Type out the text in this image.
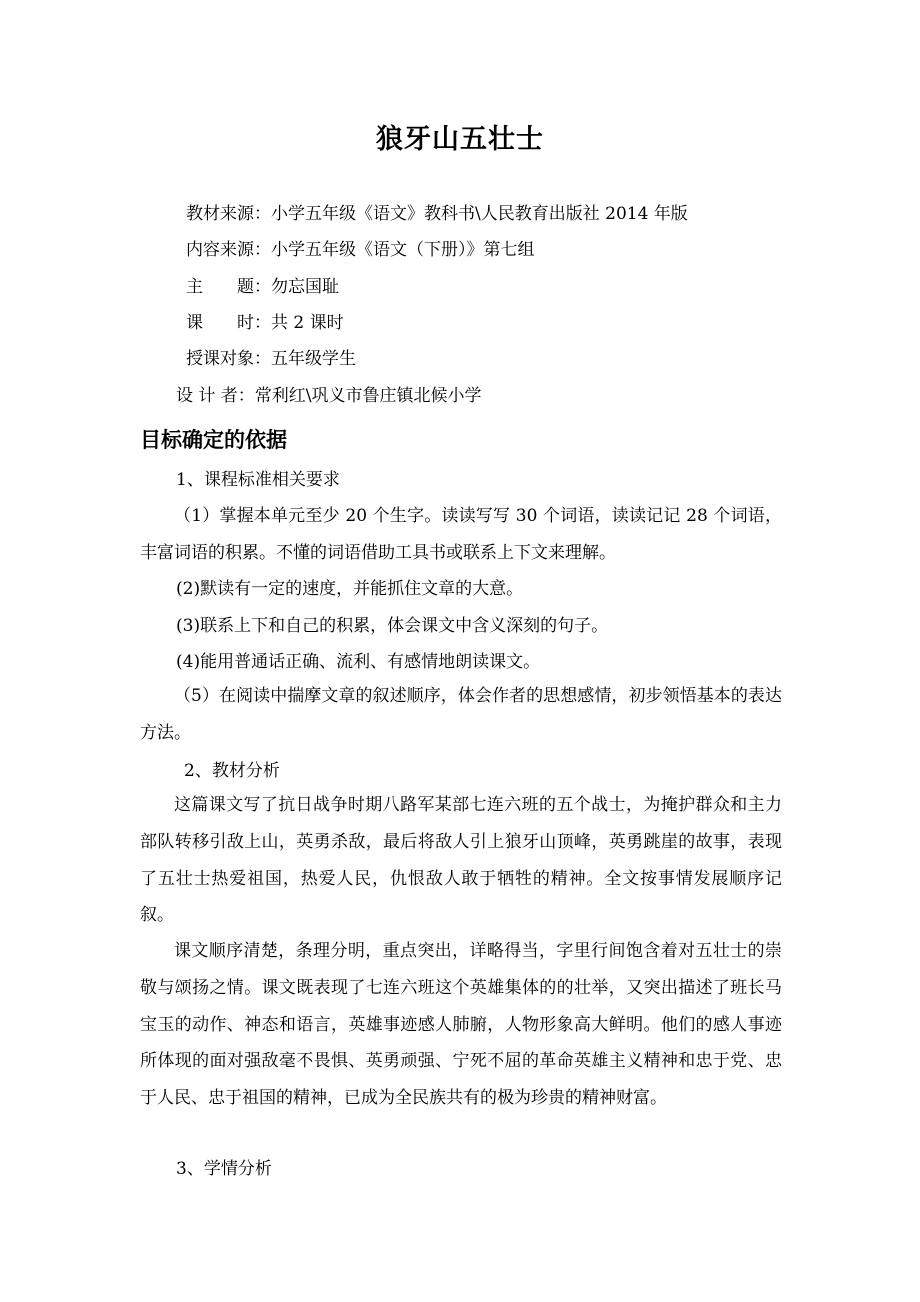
狼牙山五壮士
教材来源：小学五年级《语文》教科书\人民教育出版社 2014 年版
内容来源：小学五年级《语文（下册）》第七组
主　　题：勿忘国耻
课　　时：共 2 课时
授课对象：五年级学生
设 计 者：常利红\巩义市鲁庄镇北候小学
目标确定的依据
1、课程标准相关要求
（1）掌握本单元至少 20 个生字。读读写写 30 个词语，读读记记 28 个词语，丰富词语的积累。不懂的词语借助工具书或联系上下文来理解。
(2)默读有一定的速度，并能抓住文章的大意。
(3)联系上下和自己的积累，体会课文中含义深刻的句子。
(4)能用普通话正确、流利、有感情地朗读课文。
（5）在阅读中揣摩文章的叙述顺序，体会作者的思想感情，初步领悟基本的表达方法。
2、教材分析
这篇课文写了抗日战争时期八路军某部七连六班的五个战士，为掩护群众和主力部队转移引敌上山，英勇杀敌，最后将敌人引上狼牙山顶峰，英勇跳崖的故事，表现了五壮士热爱祖国，热爱人民，仇恨敌人敢于牺牲的精神。全文按事情发展顺序记叙。
课文顺序清楚，条理分明，重点突出，详略得当，字里行间饱含着对五壮士的崇敬与颂扬之情。课文既表现了七连六班这个英雄集体的的壮举，又突出描述了班长马宝玉的动作、神态和语言，英雄事迹感人肺腑，人物形象高大鲜明。他们的感人事迹所体现的面对强敌毫不畏惧、英勇顽强、宁死不屈的革命英雄主义精神和忠于党、忠于人民、忠于祖国的精神，已成为全民族共有的极为珍贵的精神财富。
3、学情分析
